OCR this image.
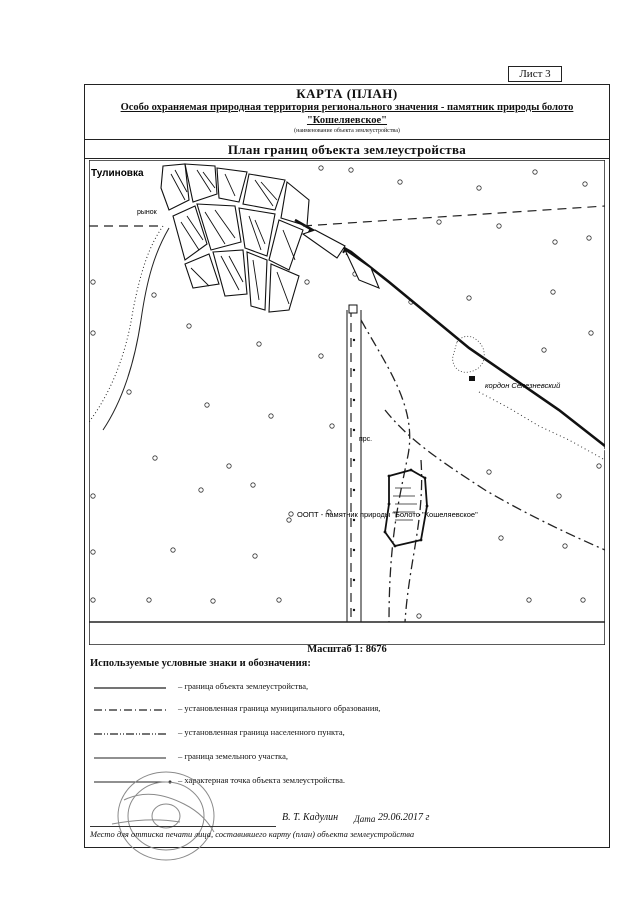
Лист 3
КАРТА (ПЛАН)
Особо охраняемая природная территория регионального значения - памятник природы болото
"Кошеляевское"
(наименование объекта землеустройства)
План границ объекта землеустройства
Тулиновка
рынок
кордон Селезневский
прс.
ООПТ - памятник природы "Болото "Кошеляевское"
Масштаб 1: 8676
Используемые условные знаки и обозначения:
– граница объекта землеустройства,
– установленная граница муниципального образования,
– установленная граница населенного пункта,
– граница земельного участка,
– характерная точка объекта землеустройства.
В. Т. Кадулин Дата 29.06.2017 г
Место для оттиска печати лица, составившего карту (план) объекта землеустройства
